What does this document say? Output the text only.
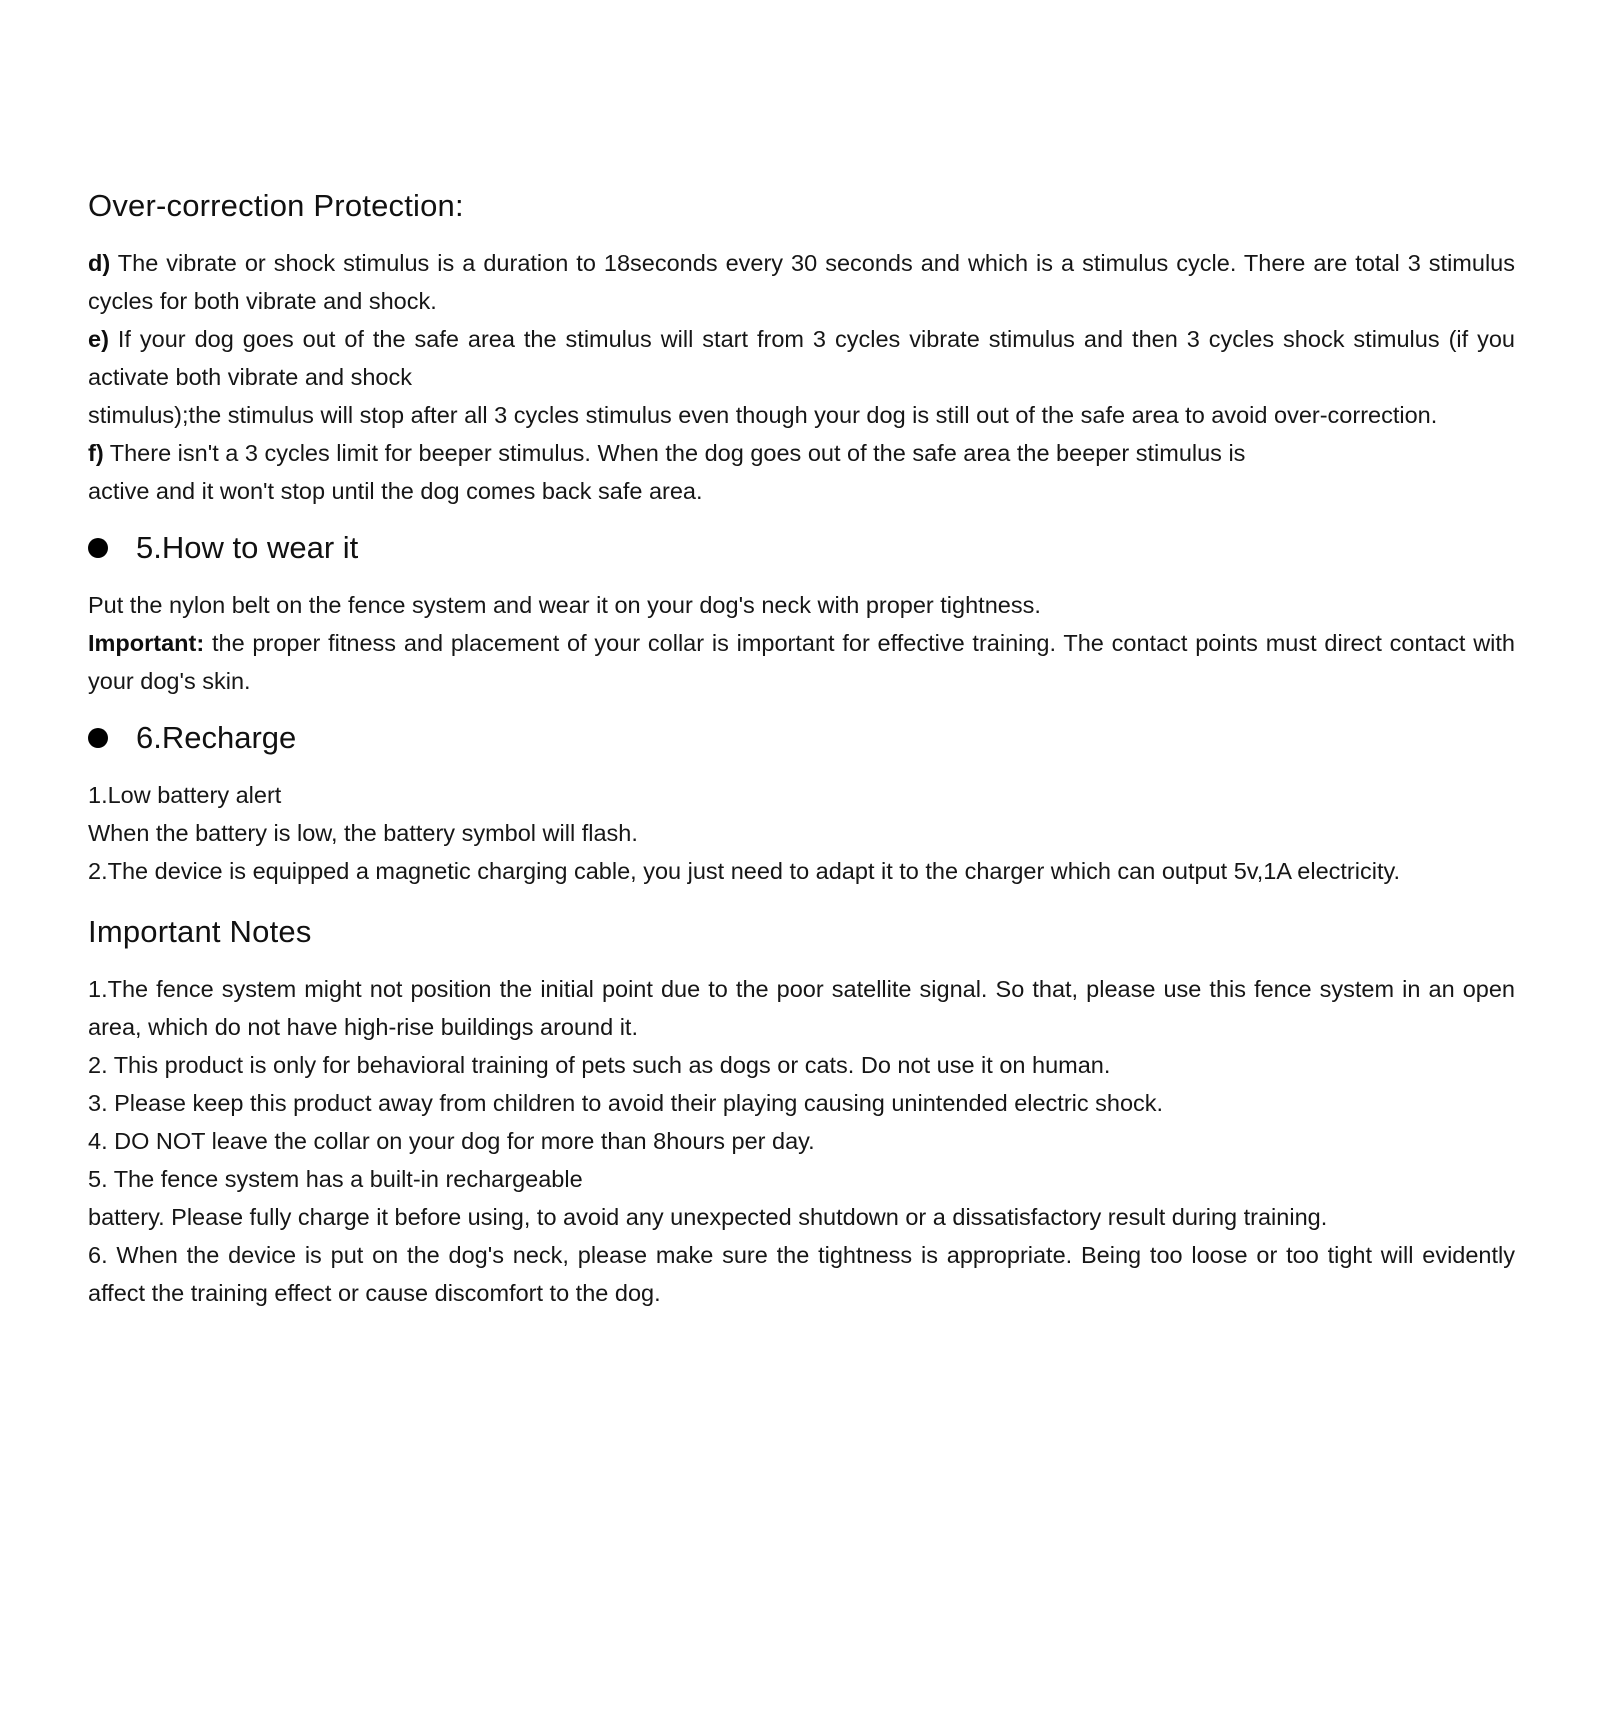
Over-correction Protection:

d) The vibrate or shock stimulus is a duration to 18seconds every 30 seconds and which is a stimulus cycle. There are total 3 stimulus cycles for both vibrate and shock.

e) If your dog goes out of the safe area the stimulus will start from 3 cycles vibrate stimulus and then 3 cycles shock stimulus (if you activate both vibrate and shock
stimulus);the stimulus will stop after all 3 cycles stimulus even though your dog is still out of the safe area to avoid over-correction.

f) There isn't a 3 cycles limit for beeper stimulus. When the dog goes out of the safe area the beeper stimulus is
active and it won't stop until the dog comes back safe area.

5.How to wear it

Put the nylon belt on the fence system and wear it on your dog's neck with proper tightness.

Important: the proper fitness and placement of your collar is important for effective training. The contact points must direct contact with your dog's skin.

6.Recharge

1.Low battery alert

When the battery is low, the battery symbol will flash.

2.The device is equipped a magnetic charging cable, you just need to adapt it to the charger which can output 5v,1A electricity.

Important Notes

1.The fence system might not position the initial point due to the poor satellite signal. So that, please use this fence system in an open area, which do not have high-rise buildings around it.

2. This product is only for behavioral training of pets such as dogs or cats. Do not use it on human.

3. Please keep this product away from children to avoid their playing causing unintended electric shock.

4. DO NOT leave the collar on your dog for more than 8hours per day.

5. The fence system has a built-in rechargeable
battery. Please fully charge it before using, to avoid any unexpected shutdown or a dissatisfactory result during training.

6. When the device is put on the dog's neck, please make sure the tightness is appropriate. Being too loose or too tight will evidently affect the training effect or cause discomfort to the dog.
